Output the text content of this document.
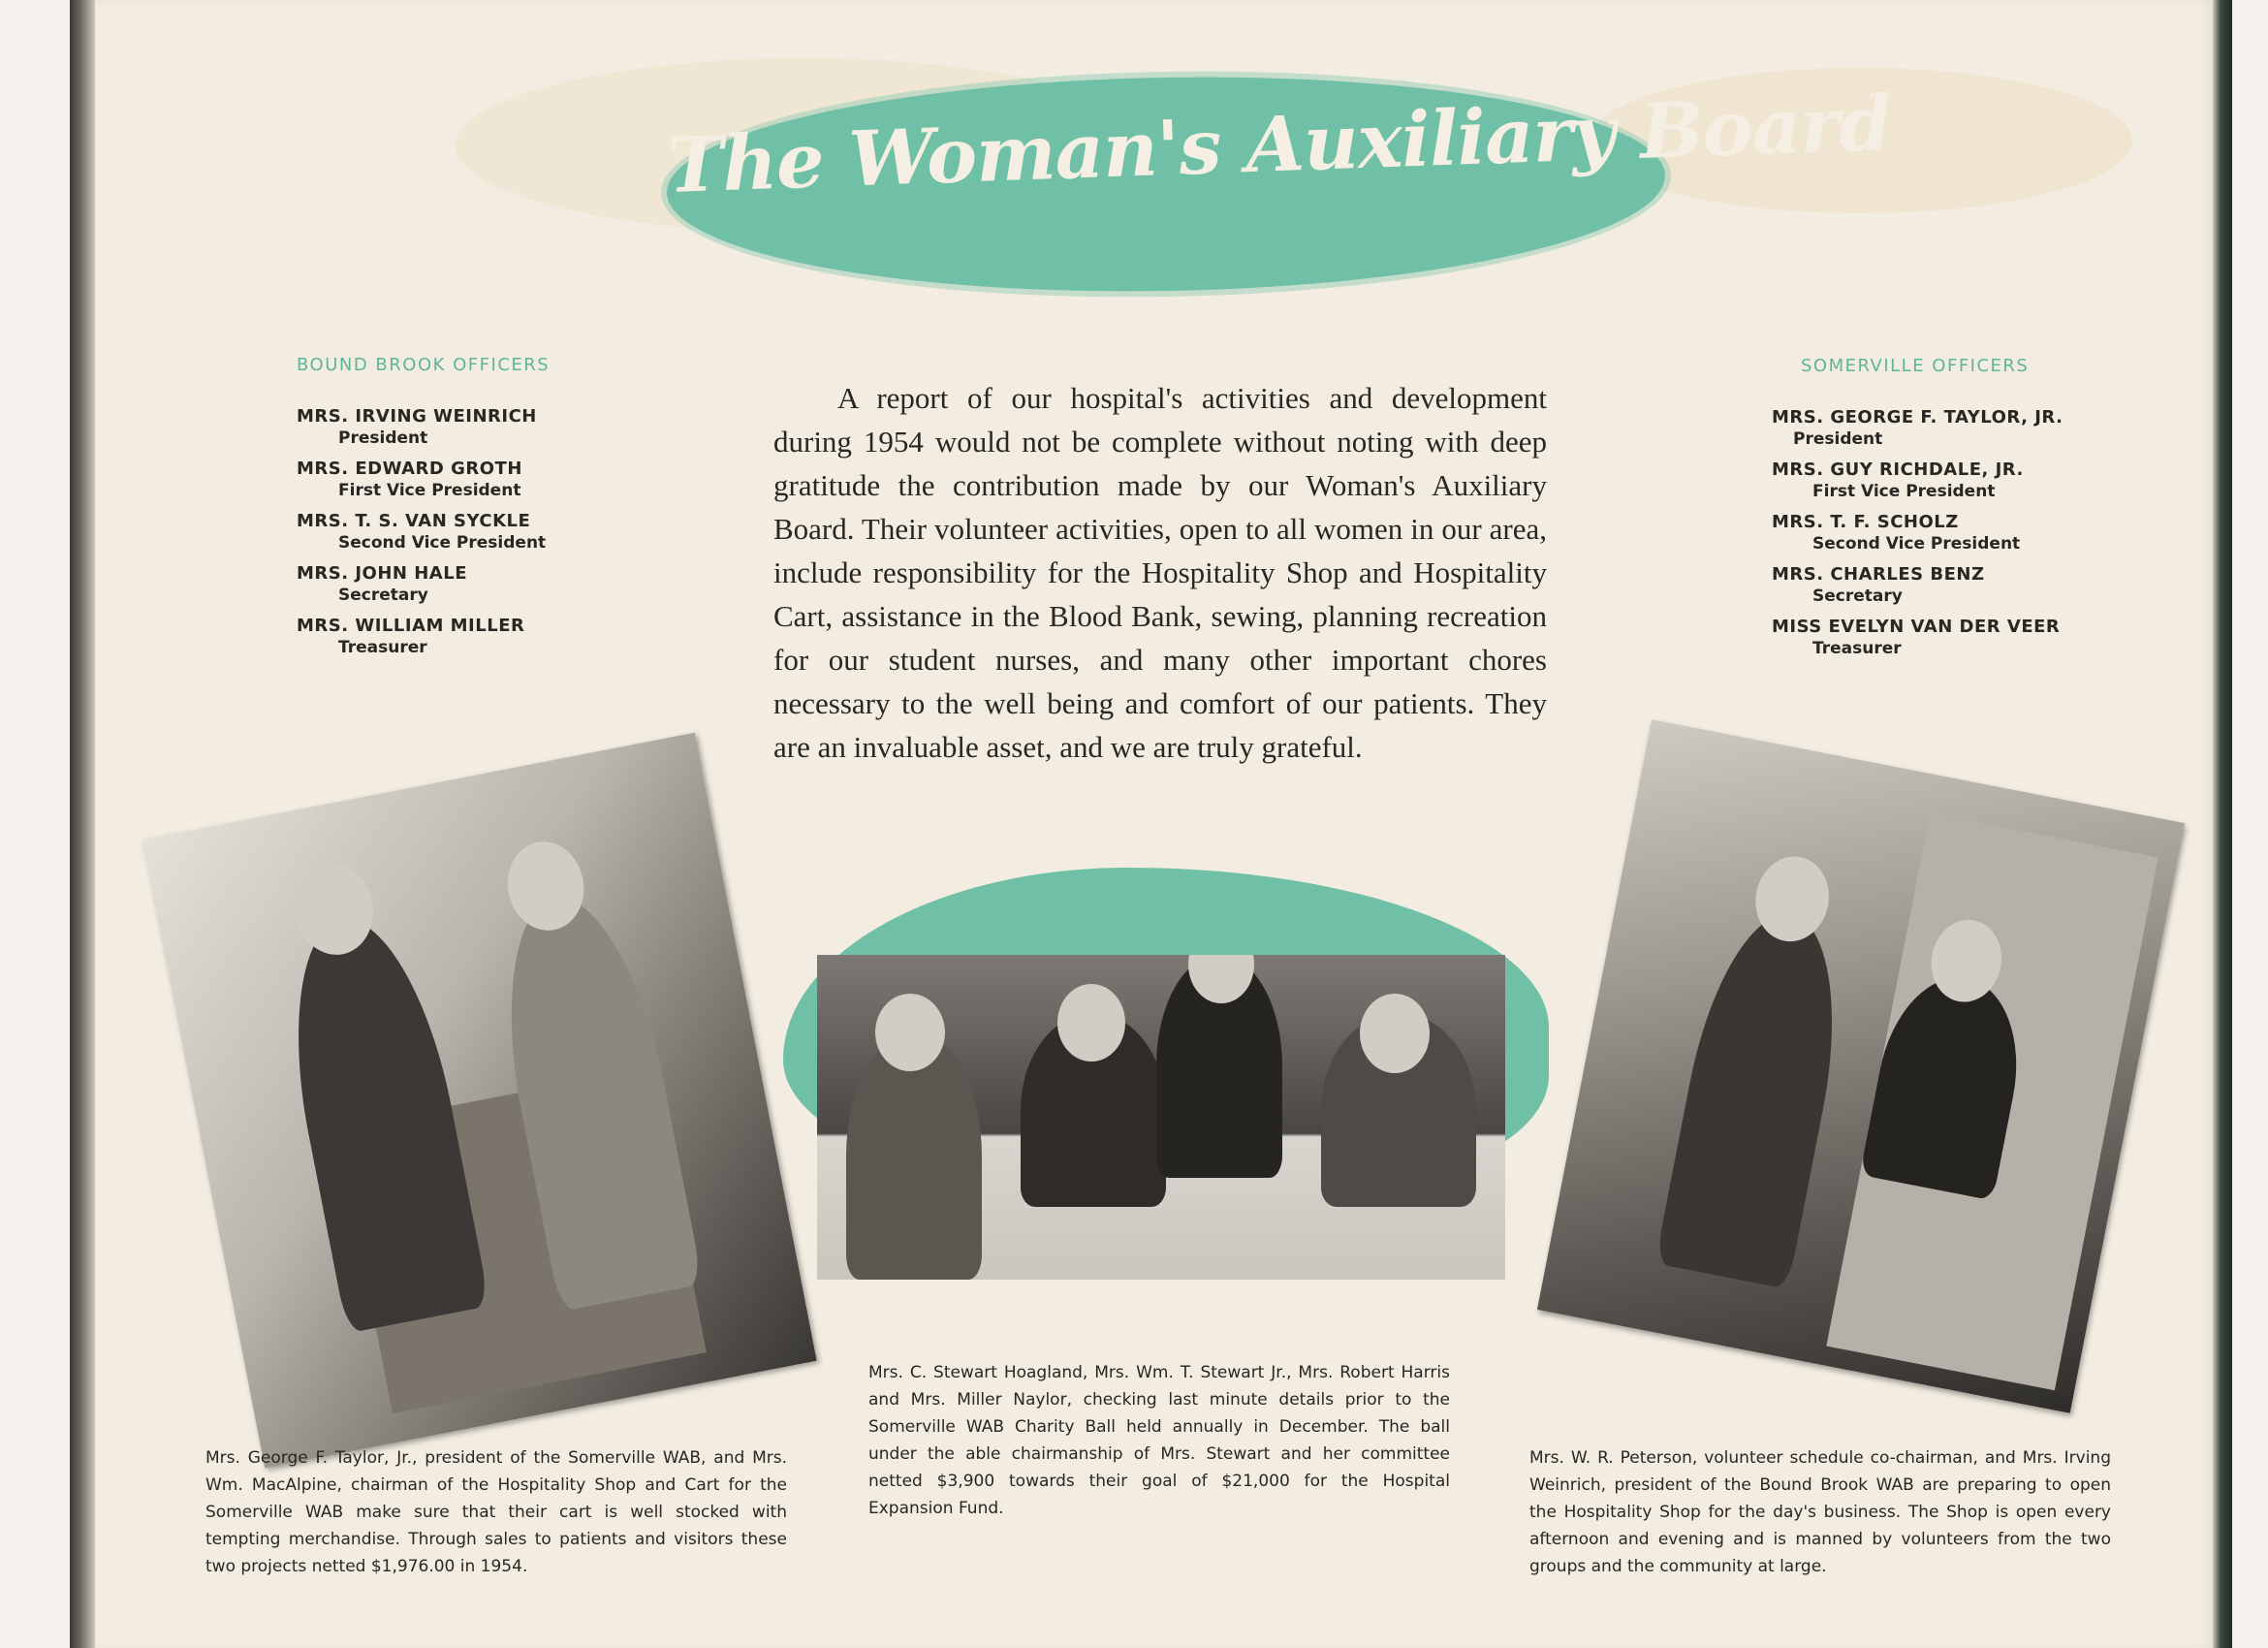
The Woman's Auxiliary Board
BOUND BROOK OFFICERS
MRS. IRVING WEINRICH
President
MRS. EDWARD GROTH
First Vice President
MRS. T. S. VAN SYCKLE
Second Vice President
MRS. JOHN HALE
Secretary
MRS. WILLIAM MILLER
Treasurer
SOMERVILLE OFFICERS
MRS. GEORGE F. TAYLOR, JR.
President
MRS. GUY RICHDALE, JR.
First Vice President
MRS. T. F. SCHOLZ
Second Vice President
MRS. CHARLES BENZ
Secretary
MISS EVELYN VAN DER VEER
Treasurer
A report of our hospital's activities and development during 1954 would not be complete without noting with deep gratitude the contribution made by our Woman's Auxiliary Board. Their volunteer activities, open to all women in our area, include responsibility for the Hospitality Shop and Hospitality Cart, assistance in the Blood Bank, sewing, planning recreation for our student nurses, and many other important chores necessary to the well being and comfort of our patients. They are an invaluable asset, and we are truly grateful.
Mrs. George F. Taylor, Jr., president of the Somerville WAB, and Mrs. Wm. MacAlpine, chairman of the Hospitality Shop and Cart for the Somerville WAB make sure that their cart is well stocked with tempting merchandise. Through sales to patients and visitors these two projects netted $1,976.00 in 1954.
Mrs. C. Stewart Hoagland, Mrs. Wm. T. Stewart Jr., Mrs. Robert Harris and Mrs. Miller Naylor, checking last minute details prior to the Somerville WAB Charity Ball held annually in December. The ball under the able chairmanship of Mrs. Stewart and her committee netted $3,900 towards their goal of $21,000 for the Hospital Expansion Fund.
Mrs. W. R. Peterson, volunteer schedule co-chairman, and Mrs. Irving Weinrich, president of the Bound Brook WAB are preparing to open the Hospitality Shop for the day's business. The Shop is open every afternoon and evening and is manned by volunteers from the two groups and the community at large.
